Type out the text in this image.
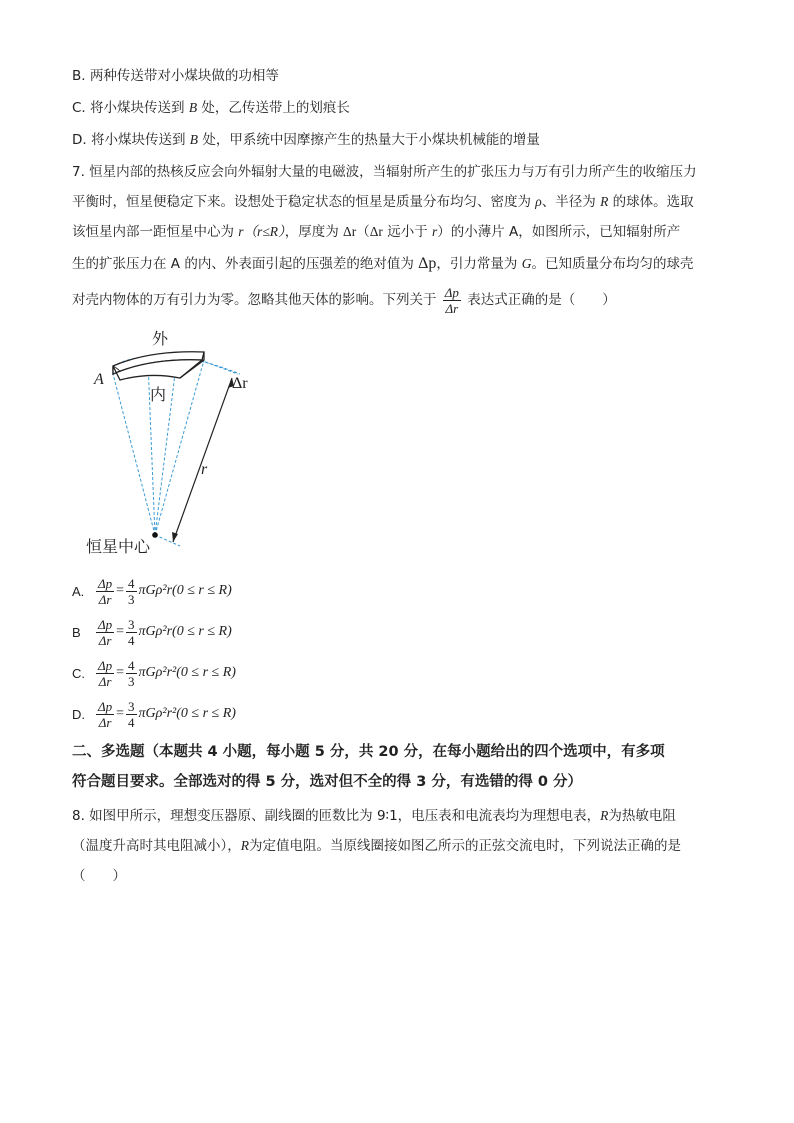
B. 两种传送带对小煤块做的功相等
C. 将小煤块传送到 B 处，乙传送带上的划痕长
D. 将小煤块传送到 B 处，甲系统中因摩擦产生的热量大于小煤块机械能的增量
7. 恒星内部的热核反应会向外辐射大量的电磁波，当辐射所产生的扩张压力与万有引力所产生的收缩压力
平衡时，恒星便稳定下来。设想处于稳定状态的恒星是质量分布均匀、密度为 ρ、半径为 R 的球体。选取
该恒星内部一距恒星中心为 r（r≤R），厚度为 Δr（Δr 远小于 r）的小薄片 A，如图所示，已知辐射所产
生的扩张压力在 A 的内、外表面引起的压强差的绝对值为 Δp，引力常量为 G。已知质量分布均匀的球壳
对壳内物体的万有引力为零。忽略其他天体的影响。下列关于 $\frac{\Delta p}{\Delta r}$ 表达式正确的是（　　）
外
内
A	Δr
r
恒星中心
A. $\frac{\Delta p}{\Delta r} = \frac{4}{3} \pi G\rho^2r(0 \le r \le R)$
B	$\frac{\Delta p}{\Delta r} = \frac{3}{4} \pi G\rho^2r(0 \le r \le R)$
C. $\frac{\Delta p}{\Delta r} = \frac{4}{3} \pi G\rho^2r^2(0 \le r \le R)$
D. $\frac{\Delta p}{\Delta r} = \frac{3}{4} \pi G\rho^2r^2(0 \le r \le R)$
二、多选题（本题共 4 小题，每小题 5 分，共 20 分，在每小题给出的四个选项中，有多项
符合题目要求。全部选对的得 5 分，选对但不全的得 3 分，有选错的得 0 分）
8. 如图甲所示，理想变压器原、副线圈的匝数比为 9∶1，电压表和电流表均为理想电表，R为热敏电阻
（温度升高时其电阻减小），R为定值电阻。当原线圈接如图乙所示的正弦交流电时，下列说法正确的是
（　　）
